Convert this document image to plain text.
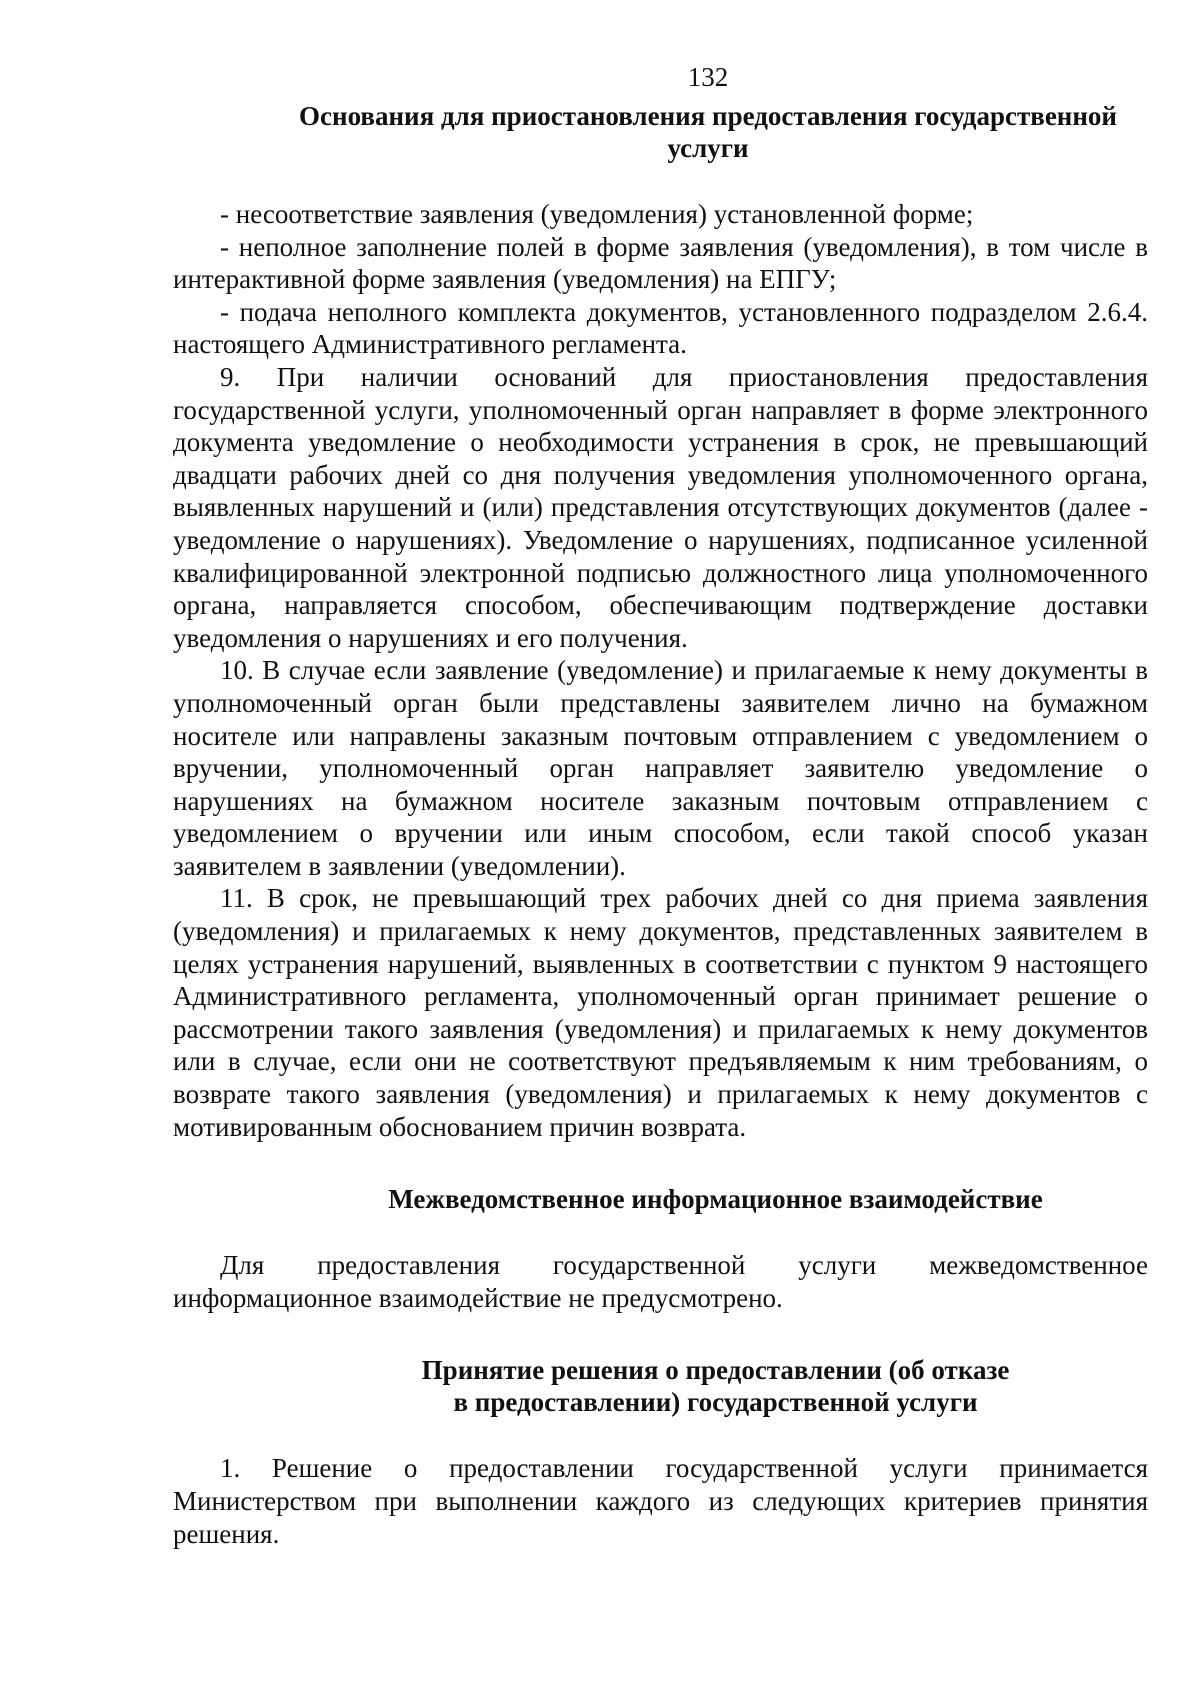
132
Основания для приостановления предоставления государственной
услуги

- несоответствие заявления (уведомления) установленной форме;

- неполное заполнение полей в форме заявления (уведомления), в том числе в интерактивной форме заявления (уведомления) на ЕПГУ;

- подача неполного комплекта документов, установленного подразделом 2.6.4. настоящего Административного регламента.

9. При наличии оснований для приостановления предоставления государственной услуги, уполномоченный орган направляет в форме электронного документа уведомление о необходимости устранения в срок, не превышающий двадцати рабочих дней со дня получения уведомления уполномоченного органа, выявленных нарушений и (или) представления отсутствующих документов (далее - уведомление о нарушениях). Уведомление о нарушениях, подписанное усиленной квалифицированной электронной подписью должностного лица уполномоченного органа, направляется способом, обеспечивающим подтверждение доставки уведомления о нарушениях и его получения.

10. В случае если заявление (уведомление) и прилагаемые к нему документы в уполномоченный орган были представлены заявителем лично на бумажном носителе или направлены заказным почтовым отправлением с уведомлением о вручении, уполномоченный орган направляет заявителю уведомление о нарушениях на бумажном носителе заказным почтовым отправлением с уведомлением о вручении или иным способом, если такой способ указан заявителем в заявлении (уведомлении).

11. В срок, не превышающий трех рабочих дней со дня приема заявления (уведомления) и прилагаемых к нему документов, представленных заявителем в целях устранения нарушений, выявленных в соответствии с пунктом 9 настоящего Административного регламента, уполномоченный орган принимает решение о рассмотрении такого заявления (уведомления) и прилагаемых к нему документов или в случае, если они не соответствуют предъявляемым к ним требованиям, о возврате такого заявления (уведомления) и прилагаемых к нему документов с мотивированным обоснованием причин возврата.

Межведомственное информационное взаимодействие

Для предоставления государственной услуги межведомственное информационное взаимодействие не предусмотрено.

Принятие решения о предоставлении (об отказе
в предоставлении) государственной услуги

1. Решение о предоставлении государственной услуги принимается Министерством при выполнении каждого из следующих критериев принятия решения.
